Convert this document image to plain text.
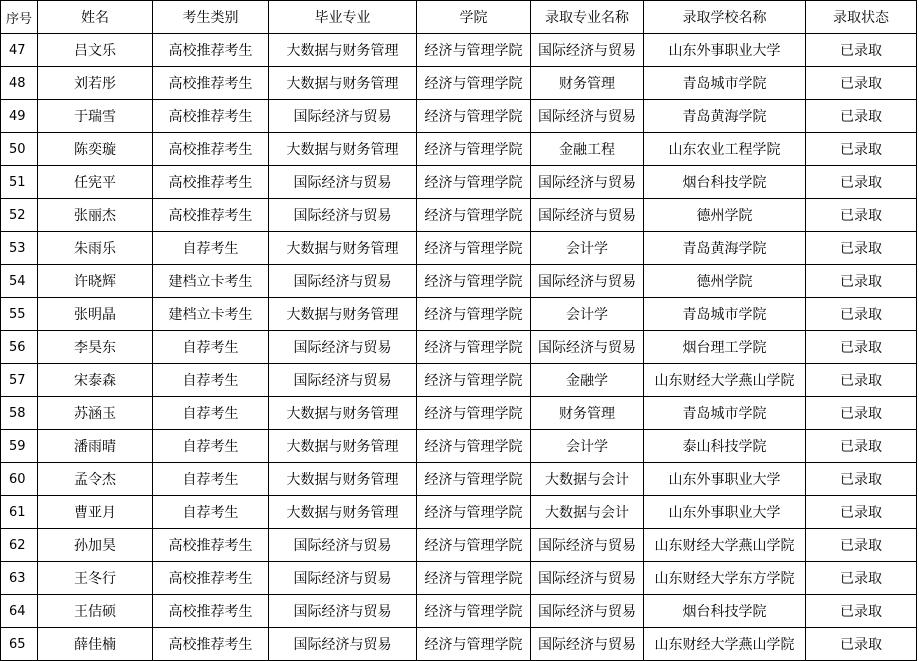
序号	姓名	考生类别	毕业专业	学院	录取专业名称	录取学校名称	录取状态
47	吕文乐	高校推荐考生	大数据与财务管理	经济与管理学院	国际经济与贸易	山东外事职业大学	已录取
48	刘若彤	高校推荐考生	大数据与财务管理	经济与管理学院	财务管理	青岛城市学院	已录取
49	于瑞雪	高校推荐考生	国际经济与贸易	经济与管理学院	国际经济与贸易	青岛黄海学院	已录取
50	陈奕璇	高校推荐考生	大数据与财务管理	经济与管理学院	金融工程	山东农业工程学院	已录取
51	任宪平	高校推荐考生	国际经济与贸易	经济与管理学院	国际经济与贸易	烟台科技学院	已录取
52	张丽杰	高校推荐考生	国际经济与贸易	经济与管理学院	国际经济与贸易	德州学院	已录取
53	朱雨乐	自荐考生	大数据与财务管理	经济与管理学院	会计学	青岛黄海学院	已录取
54	许晓辉	建档立卡考生	国际经济与贸易	经济与管理学院	国际经济与贸易	德州学院	已录取
55	张明晶	建档立卡考生	大数据与财务管理	经济与管理学院	会计学	青岛城市学院	已录取
56	李昊东	自荐考生	国际经济与贸易	经济与管理学院	国际经济与贸易	烟台理工学院	已录取
57	宋泰森	自荐考生	国际经济与贸易	经济与管理学院	金融学	山东财经大学燕山学院	已录取
58	苏涵玉	自荐考生	大数据与财务管理	经济与管理学院	财务管理	青岛城市学院	已录取
59	潘雨晴	自荐考生	大数据与财务管理	经济与管理学院	会计学	泰山科技学院	已录取
60	孟令杰	自荐考生	大数据与财务管理	经济与管理学院	大数据与会计	山东外事职业大学	已录取
61	曹亚月	自荐考生	大数据与财务管理	经济与管理学院	大数据与会计	山东外事职业大学	已录取
62	孙加昊	高校推荐考生	国际经济与贸易	经济与管理学院	国际经济与贸易	山东财经大学燕山学院	已录取
63	王冬行	高校推荐考生	国际经济与贸易	经济与管理学院	国际经济与贸易	山东财经大学东方学院	已录取
64	王佶硕	高校推荐考生	国际经济与贸易	经济与管理学院	国际经济与贸易	烟台科技学院	已录取
65	薛佳楠	高校推荐考生	国际经济与贸易	经济与管理学院	国际经济与贸易	山东财经大学燕山学院	已录取
